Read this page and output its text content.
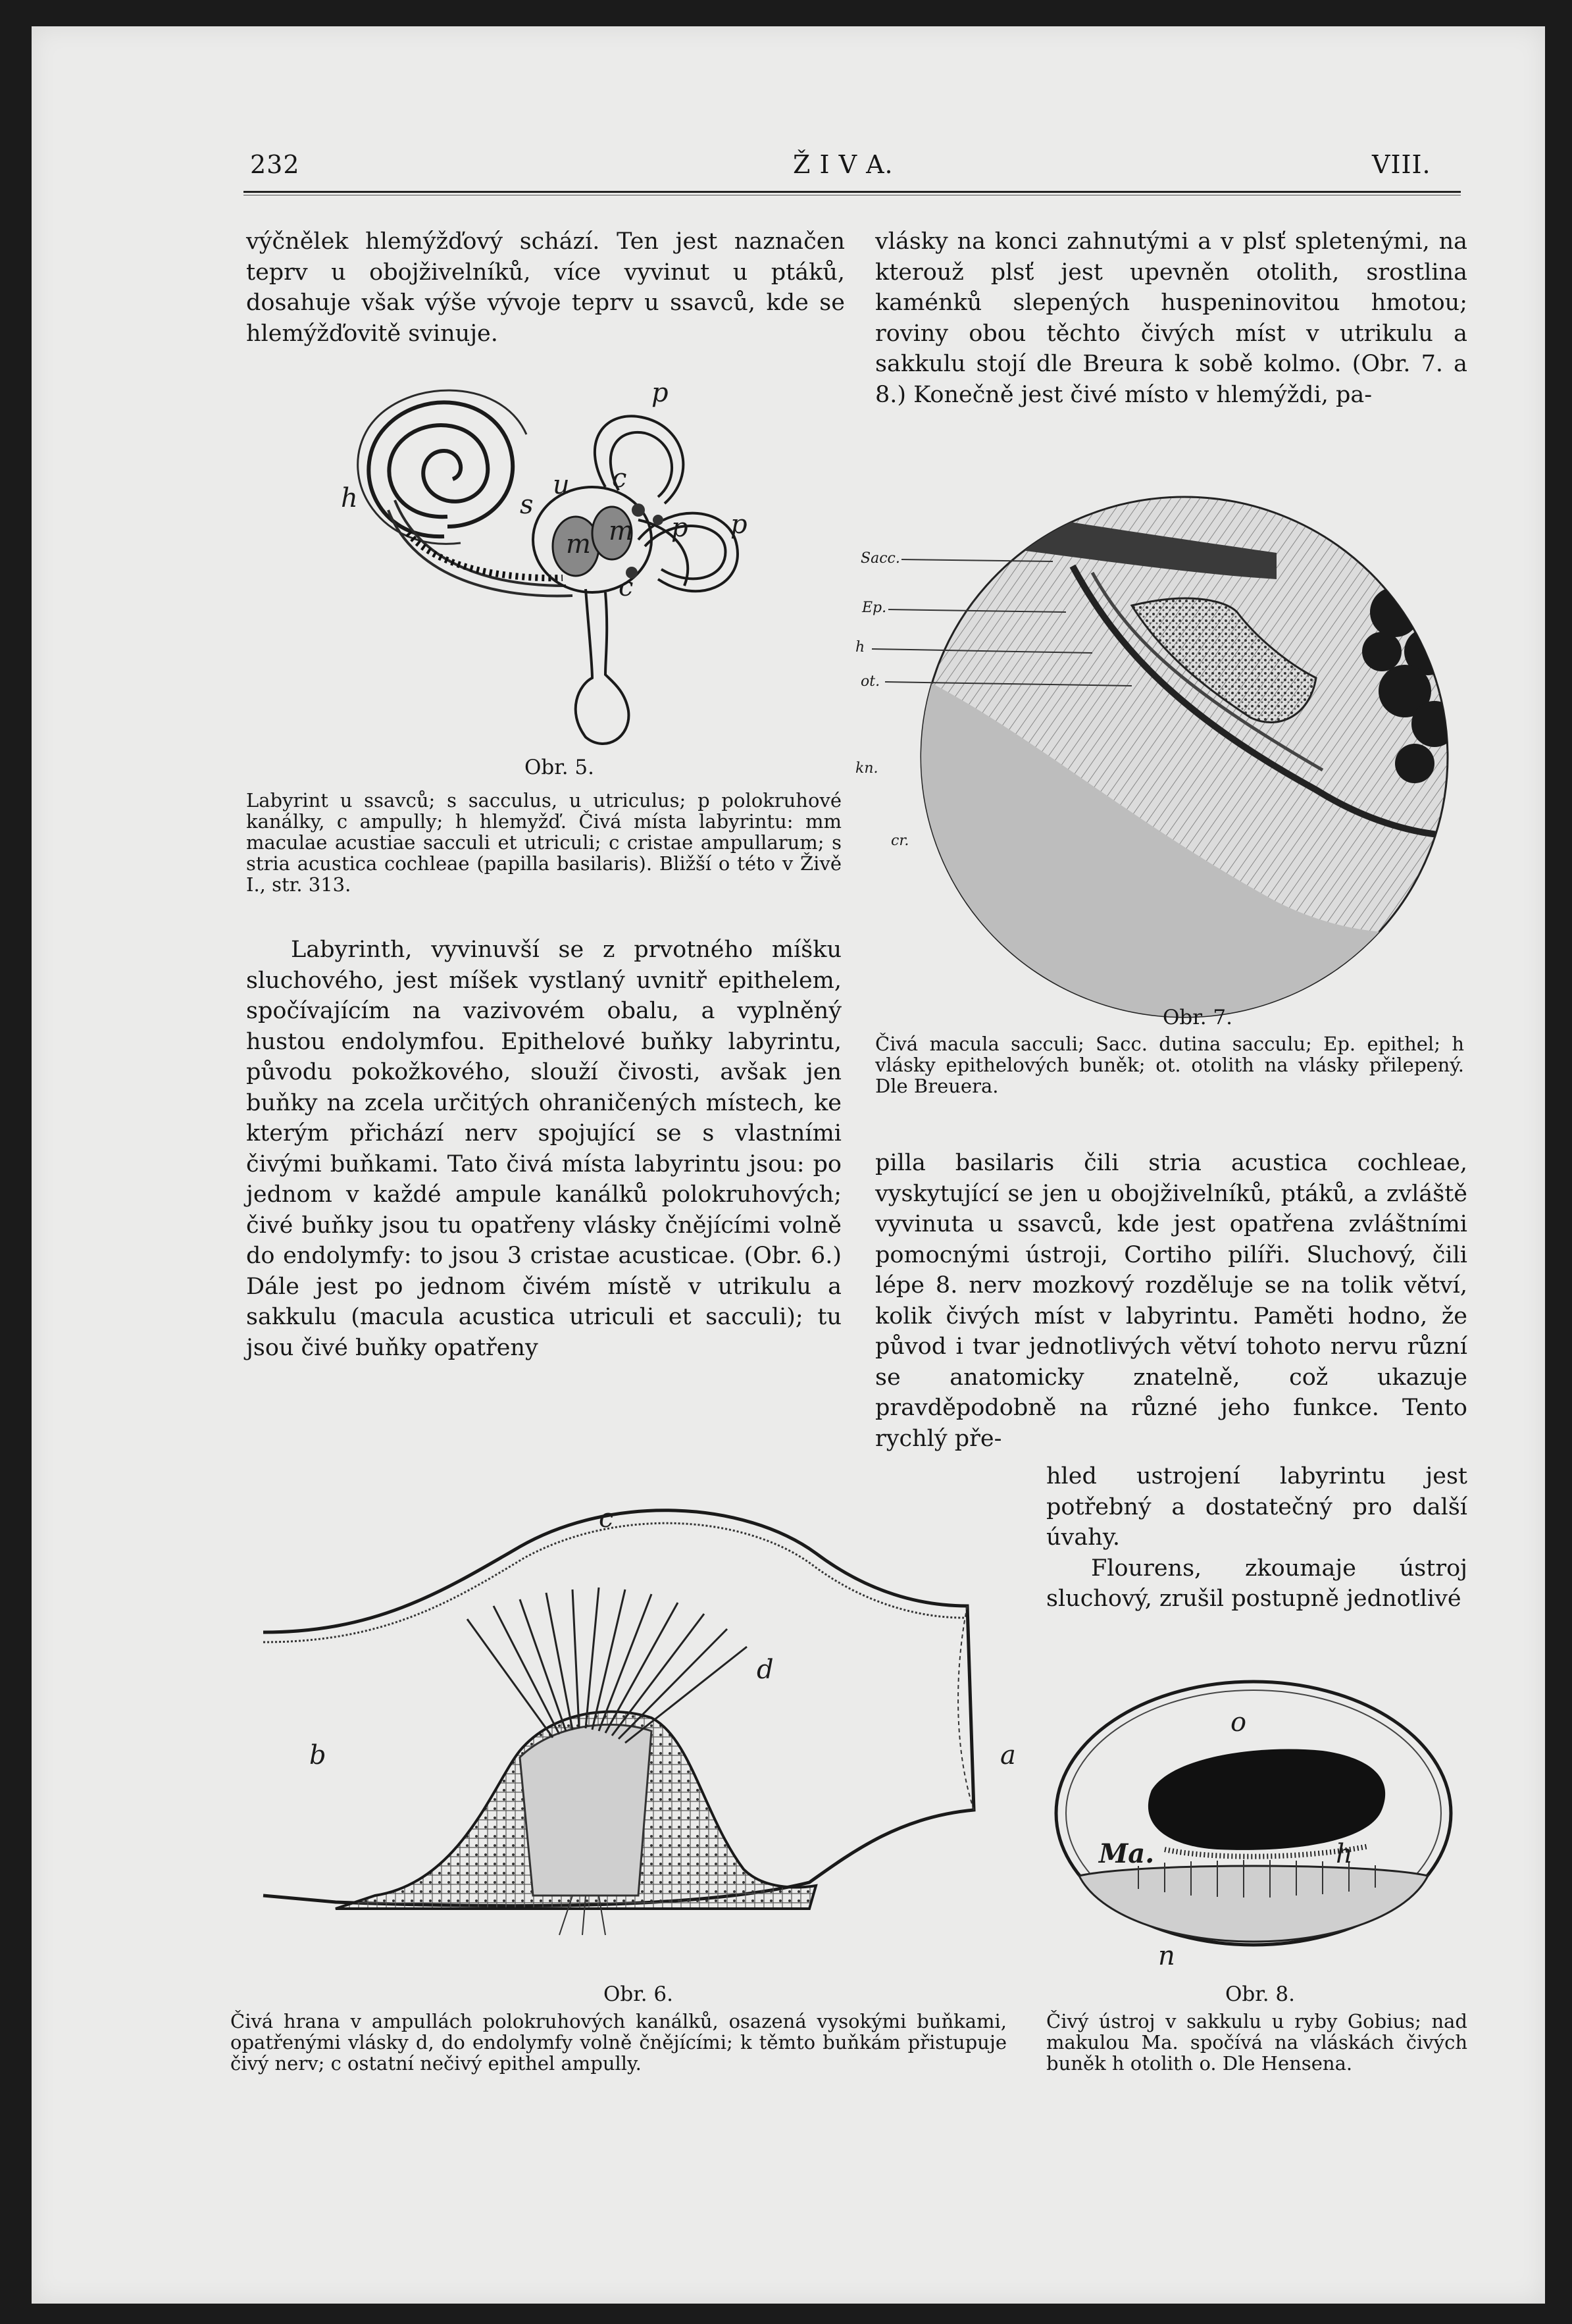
232	Ž I V A.	VIII.

výčnělek hlemýžďový schází. Ten jest naznačen teprv u obojživelníků, více vyvinut u ptáků, dosahuje však výše vývoje teprv u ssavců, kde se hlemýžďovitě svinuje.

vlásky na konci zahnutými a v plsť spletenými, na kterouž plsť jest upevněn otolith, srostlina kaménků slepených huspeninovitou hmotou; roviny obou těchto čivých míst v utrikulu a sakkulu stojí dle Breura k sobě kolmo. (Obr. 7. a 8.) Konečně jest čivé místo v hlemýždi, pa-

p
h	u
s
c
c
m m p p
Obr. 5.
Labyrint u ssavců; s sacculus, u utriculus; p polokruhové kanálky, c ampully; h hlemyžď. Čivá místa labyrintu: mm maculae acustiae sacculi et utriculi; c cristae ampullarum; s stria acustica cochleae (papilla basilaris). Bližší o této v Živě I., str. 313.
Sacc.
Ep.
h
ot.
kn.
cr.
Obr. 7.
Čivá macula sacculi; Sacc. dutina sacculu; Ep. epithel; h vlásky epithelových buněk; ot. otolith na vlásky přilepený. Dle Breuera.

Labyrinth, vyvinuvší se z prvotného míšku sluchového, jest míšek vystlaný uvnitř epithelem, spočívajícím na vazivovém obalu, a vyplněný hustou endolymfou. Epithelové buňky labyrintu, původu pokožkového, slouží čivosti, avšak jen buňky na zcela určitých ohraničených místech, ke kterým přichází nerv spojující se s vlastními čivými buňkami. Tato čivá místa labyrintu jsou: po jednom v každé ampule kanálků polokruhových; čivé buňky jsou tu opatřeny vlásky čnějícími volně do endolymfy: to jsou 3 cristae acusticae. (Obr. 6.) Dále jest po jednom čivém místě v utrikulu a sakkulu (macula acustica utriculi et sacculi); tu jsou čivé buňky opatřeny

pilla basilaris čili stria acustica cochleae, vyskytující se jen u obojživelníků, ptáků, a zvláště vyvinuta u ssavců, kde jest opatřena zvláštními pomocnými ústroji, Cortiho pilíři. Sluchový, čili lépe 8. nerv mozkový rozděluje se na tolik větví, kolik čivých míst v labyrintu. Paměti hodno, že původ i tvar jednotlivých větví tohoto nervu různí se anatomicky znatelně, což ukazuje pravděpodobně na různé jeho funkce. Tento rychlý pře-

hled ustrojení labyrintu jest potřebný a dostatečný pro další úvahy.

Flourens, zkoumaje ústroj sluchový, zrušil postupně jednotlivé

c
d
b	a
Obr. 6.
Čivá hrana v ampullách polokruhových kanálků, osazená vysokými buňkami, opatřenými vlásky d, do endolymfy volně čnějícími; k těmto buňkám přistupuje čivý nerv; c ostatní nečivý epithel ampully.
o
Ma.	h
n
Obr. 8.
Čivý ústroj v sakkulu u ryby Gobius; nad makulou Ma. spočívá na vláskách čivých buněk h otolith o. Dle Hensena.
